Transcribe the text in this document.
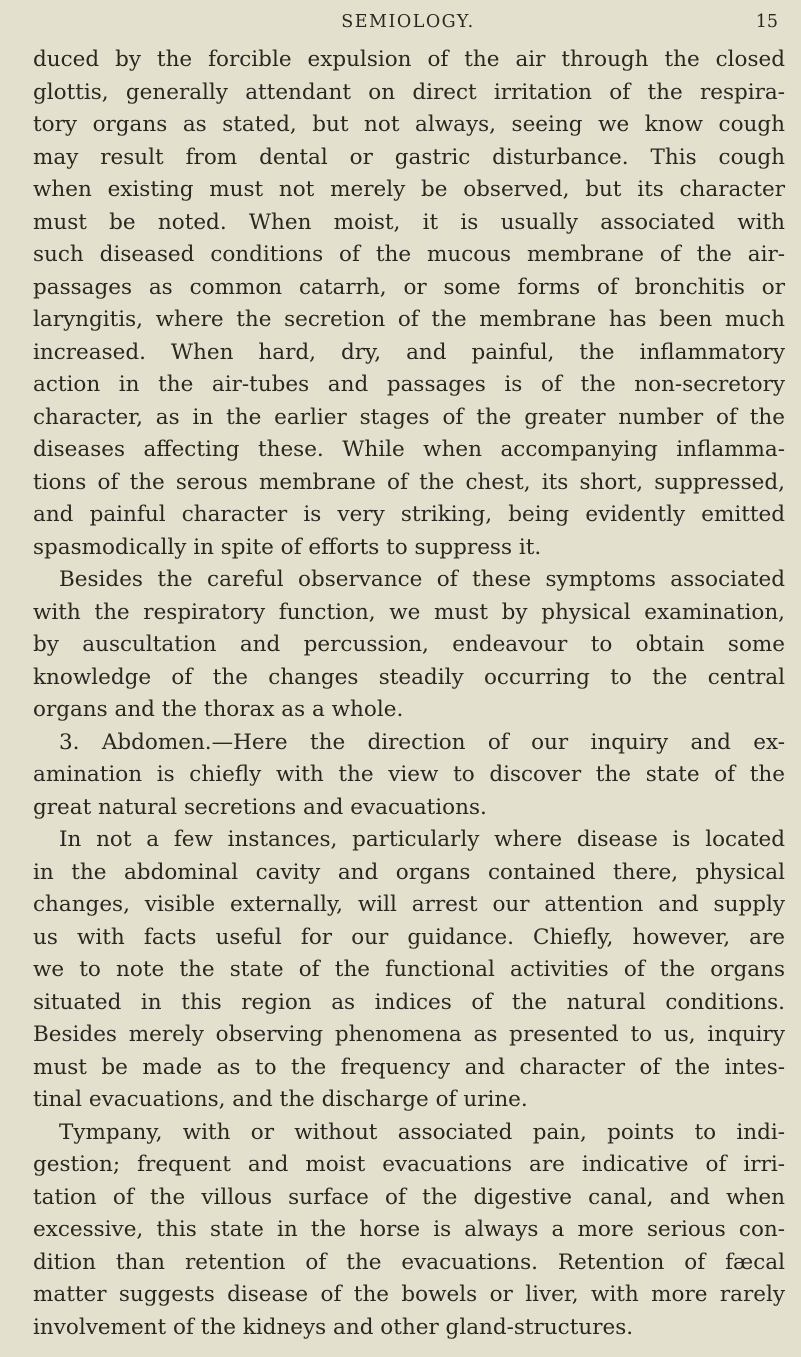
SEMIOLOGY.	15
duced by the forcible expulsion of the air through the closed
glottis, generally attendant on direct irritation of the respira-
tory organs as stated, but not always, seeing we know cough
may result from dental or gastric disturbance. This cough
when existing must not merely be observed, but its character
must be noted. When moist, it is usually associated with
such diseased conditions of the mucous membrane of the air-
passages as common catarrh, or some forms of bronchitis or
laryngitis, where the secretion of the membrane has been much
increased. When hard, dry, and painful, the inflammatory
action in the air-tubes and passages is of the non-secretory
character, as in the earlier stages of the greater number of the
diseases affecting these. While when accompanying inflamma-
tions of the serous membrane of the chest, its short, suppressed,
and painful character is very striking, being evidently emitted
spasmodically in spite of efforts to suppress it.
Besides the careful observance of these symptoms associated
with the respiratory function, we must by physical examination,
by auscultation and percussion, endeavour to obtain some
knowledge of the changes steadily occurring to the central
organs and the thorax as a whole.
3. Abdomen.—Here the direction of our inquiry and ex-
amination is chiefly with the view to discover the state of the
great natural secretions and evacuations.
In not a few instances, particularly where disease is located
in the abdominal cavity and organs contained there, physical
changes, visible externally, will arrest our attention and supply
us with facts useful for our guidance. Chiefly, however, are
we to note the state of the functional activities of the organs
situated in this region as indices of the natural conditions.
Besides merely observing phenomena as presented to us, inquiry
must be made as to the frequency and character of the intes-
tinal evacuations, and the discharge of urine.
Tympany, with or without associated pain, points to indi-
gestion; frequent and moist evacuations are indicative of irri-
tation of the villous surface of the digestive canal, and when
excessive, this state in the horse is always a more serious con-
dition than retention of the evacuations. Retention of fæcal
matter suggests disease of the bowels or liver, with more rarely
involvement of the kidneys and other gland-structures.
